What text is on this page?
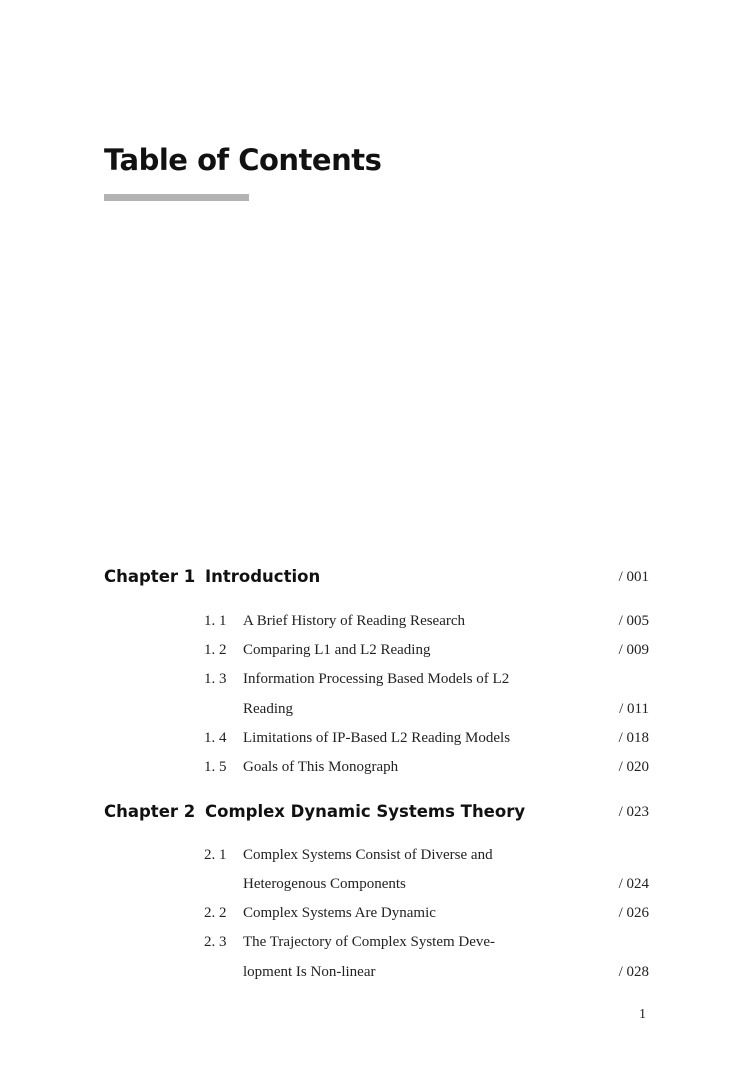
Table of Contents
Chapter 1 Introduction	/ 001
1. 1 A Brief History of Reading Research	/ 005
1. 2 Comparing L1 and L2 Reading	/ 009
1. 3 Information Processing Based Models of L2
Reading	/ 011
1. 4 Limitations of IP-Based L2 Reading Models	/ 018
1. 5 Goals of This Monograph	/ 020
Chapter 2 Complex Dynamic Systems Theory	/ 023
2. 1 Complex Systems Consist of Diverse and
Heterogenous Components	/ 024
2. 2 Complex Systems Are Dynamic	/ 026
2. 3 The Trajectory of Complex System Deve-
lopment Is Non-linear	/ 028
1
